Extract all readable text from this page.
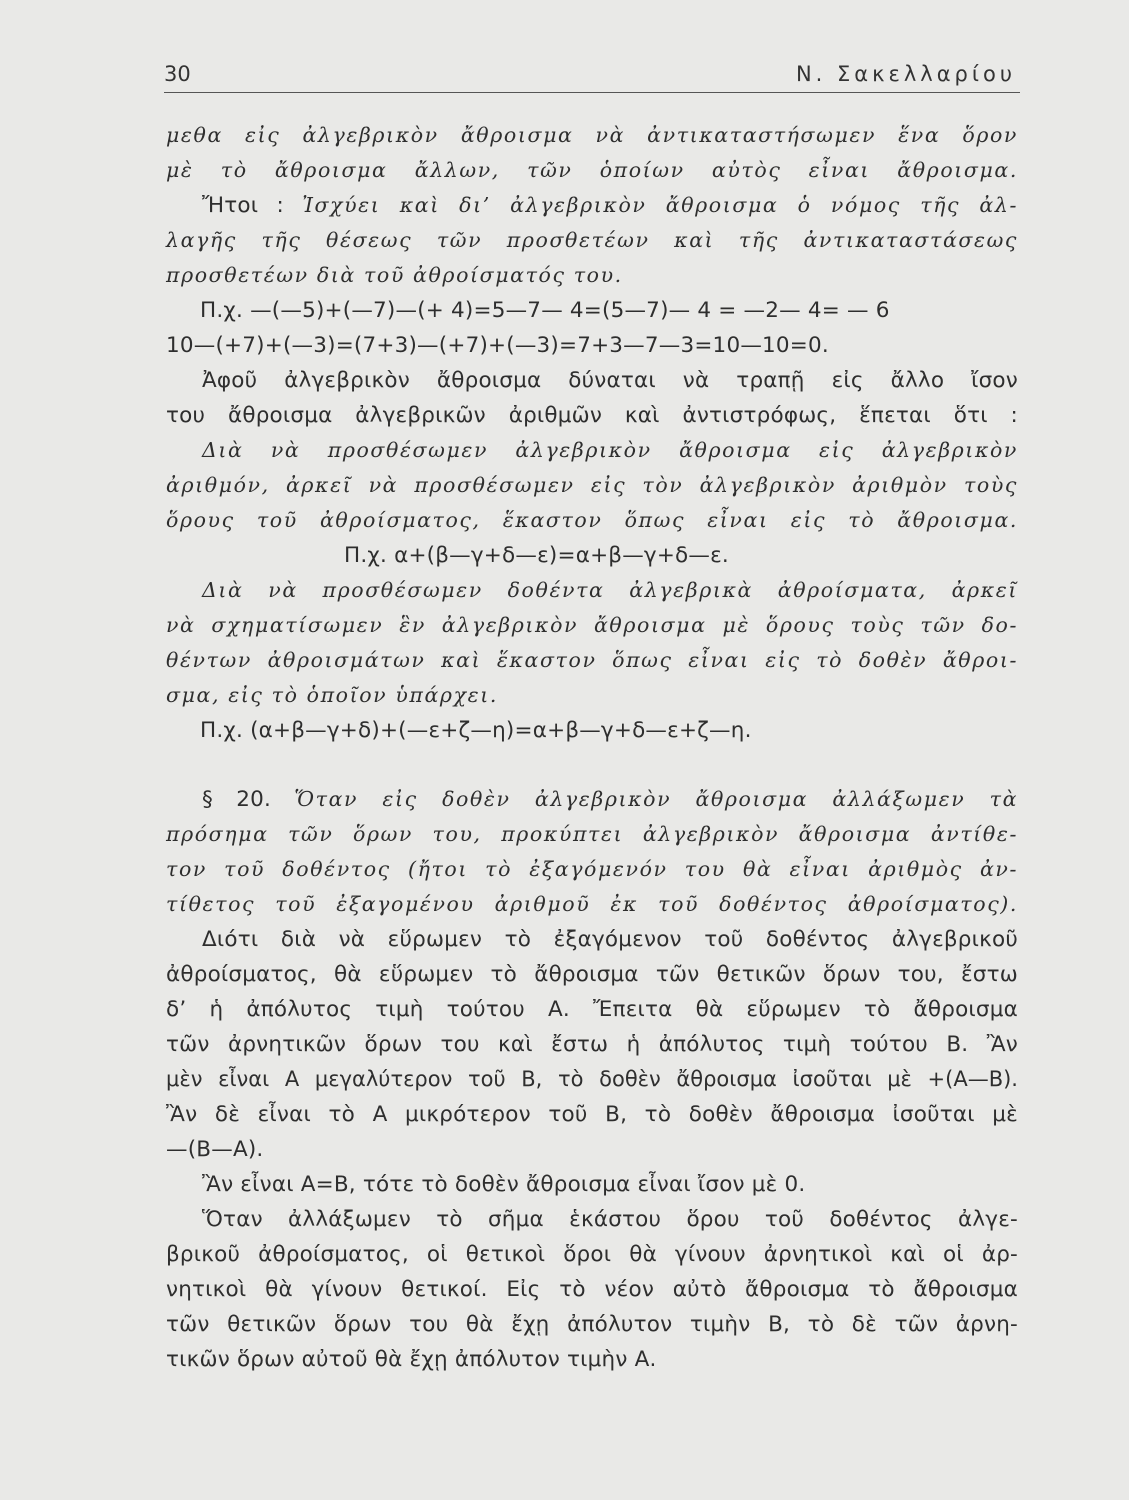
30	Ν. Σακελλαρίου
μεθα εἰς ἀλγεβρικὸν ἄθροισμα νὰ ἀντικαταστήσωμεν ἕνα ὅρον
μὲ τὸ ἄθροισμα ἄλλων, τῶν ὁποίων αὐτὸς εἶναι ἄθροισμα.
Ἤτοι : Ἰσχύει καὶ δι’ ἀλγεβρικὸν ἄθροισμα ὁ νόμος τῆς ἀλ-
λαγῆς τῆς θέσεως τῶν προσθετέων καὶ τῆς ἀντικαταστάσεως
προσθετέων διὰ τοῦ ἀθροίσματός του.
Π.χ. —(—5)+(—7)—(+ 4)=5—7— 4=(5—7)— 4 = —2— 4= — 6
10—(+7)+(—3)=(7+3)—(+7)+(—3)=7+3—7—3=10—10=0.
Ἀφοῦ ἀλγεβρικὸν ἄθροισμα δύναται νὰ τραπῇ εἰς ἄλλο ἴσον
του ἄθροισμα ἀλγεβρικῶν ἀριθμῶν καὶ ἀντιστρόφως, ἕπεται ὅτι :
Διὰ νὰ προσθέσωμεν ἀλγεβρικὸν ἄθροισμα εἰς ἀλγεβρικὸν
ἀριθμόν, ἀρκεῖ νὰ προσθέσωμεν εἰς τὸν ἀλγεβρικὸν ἀριθμὸν τοὺς
ὅρους τοῦ ἀθροίσματος, ἕκαστον ὅπως εἶναι εἰς τὸ ἄθροισμα.
Π.χ. α+(β—γ+δ—ε)=α+β—γ+δ—ε.
Διὰ νὰ προσθέσωμεν δοθέντα ἀλγεβρικὰ ἀθροίσματα, ἀρκεῖ
νὰ σχηματίσωμεν ἓν ἀλγεβρικὸν ἄθροισμα μὲ ὅρους τοὺς τῶν δο-
θέντων ἀθροισμάτων καὶ ἕκαστον ὅπως εἶναι εἰς τὸ δοθὲν ἄθροι-
σμα, εἰς τὸ ὁποῖον ὑπάρχει.
Π.χ. (α+β—γ+δ)+(—ε+ζ—η)=α+β—γ+δ—ε+ζ—η.
§ 20. Ὅταν εἰς δοθὲν ἀλγεβρικὸν ἄθροισμα ἀλλάξωμεν τὰ
πρόσημα τῶν ὅρων του, προκύπτει ἀλγεβρικὸν ἄθροισμα ἀντίθε-
τον τοῦ δοθέντος (ἤτοι τὸ ἐξαγόμενόν του θὰ εἶναι ἀριθμὸς ἀν-
τίθετος τοῦ ἐξαγομένου ἀριθμοῦ ἐκ τοῦ δοθέντος ἀθροίσματος).
Διότι διὰ νὰ εὕρωμεν τὸ ἐξαγόμενον τοῦ δοθέντος ἀλγεβρικοῦ
ἀθροίσματος, θὰ εὕρωμεν τὸ ἄθροισμα τῶν θετικῶν ὅρων του, ἔστω
δ’ ἡ ἀπόλυτος τιμὴ τούτου Α. Ἔπειτα θὰ εὕρωμεν τὸ ἄθροισμα
τῶν ἀρνητικῶν ὅρων του καὶ ἔστω ἡ ἀπόλυτος τιμὴ τούτου Β. Ἂν
μὲν εἶναι Α μεγαλύτερον τοῦ Β, τὸ δοθὲν ἄθροισμα ἰσοῦται μὲ +(Α—Β).
Ἂν δὲ εἶναι τὸ Α μικρότερον τοῦ Β, τὸ δοθὲν ἄθροισμα ἰσοῦται μὲ
—(Β—Α).
Ἂν εἶναι Α=Β, τότε τὸ δοθὲν ἄθροισμα εἶναι ἴσον μὲ 0.
Ὅταν ἀλλάξωμεν τὸ σῆμα ἑκάστου ὅρου τοῦ δοθέντος ἀλγε-
βρικοῦ ἀθροίσματος, οἱ θετικοὶ ὅροι θὰ γίνουν ἀρνητικοὶ καὶ οἱ ἀρ-
νητικοὶ θὰ γίνουν θετικοί. Εἰς τὸ νέον αὐτὸ ἄθροισμα τὸ ἄθροισμα
τῶν θετικῶν ὅρων του θὰ ἔχῃ ἀπόλυτον τιμὴν Β, τὸ δὲ τῶν ἀρνη-
τικῶν ὅρων αὐτοῦ θὰ ἔχῃ ἀπόλυτον τιμὴν Α.
